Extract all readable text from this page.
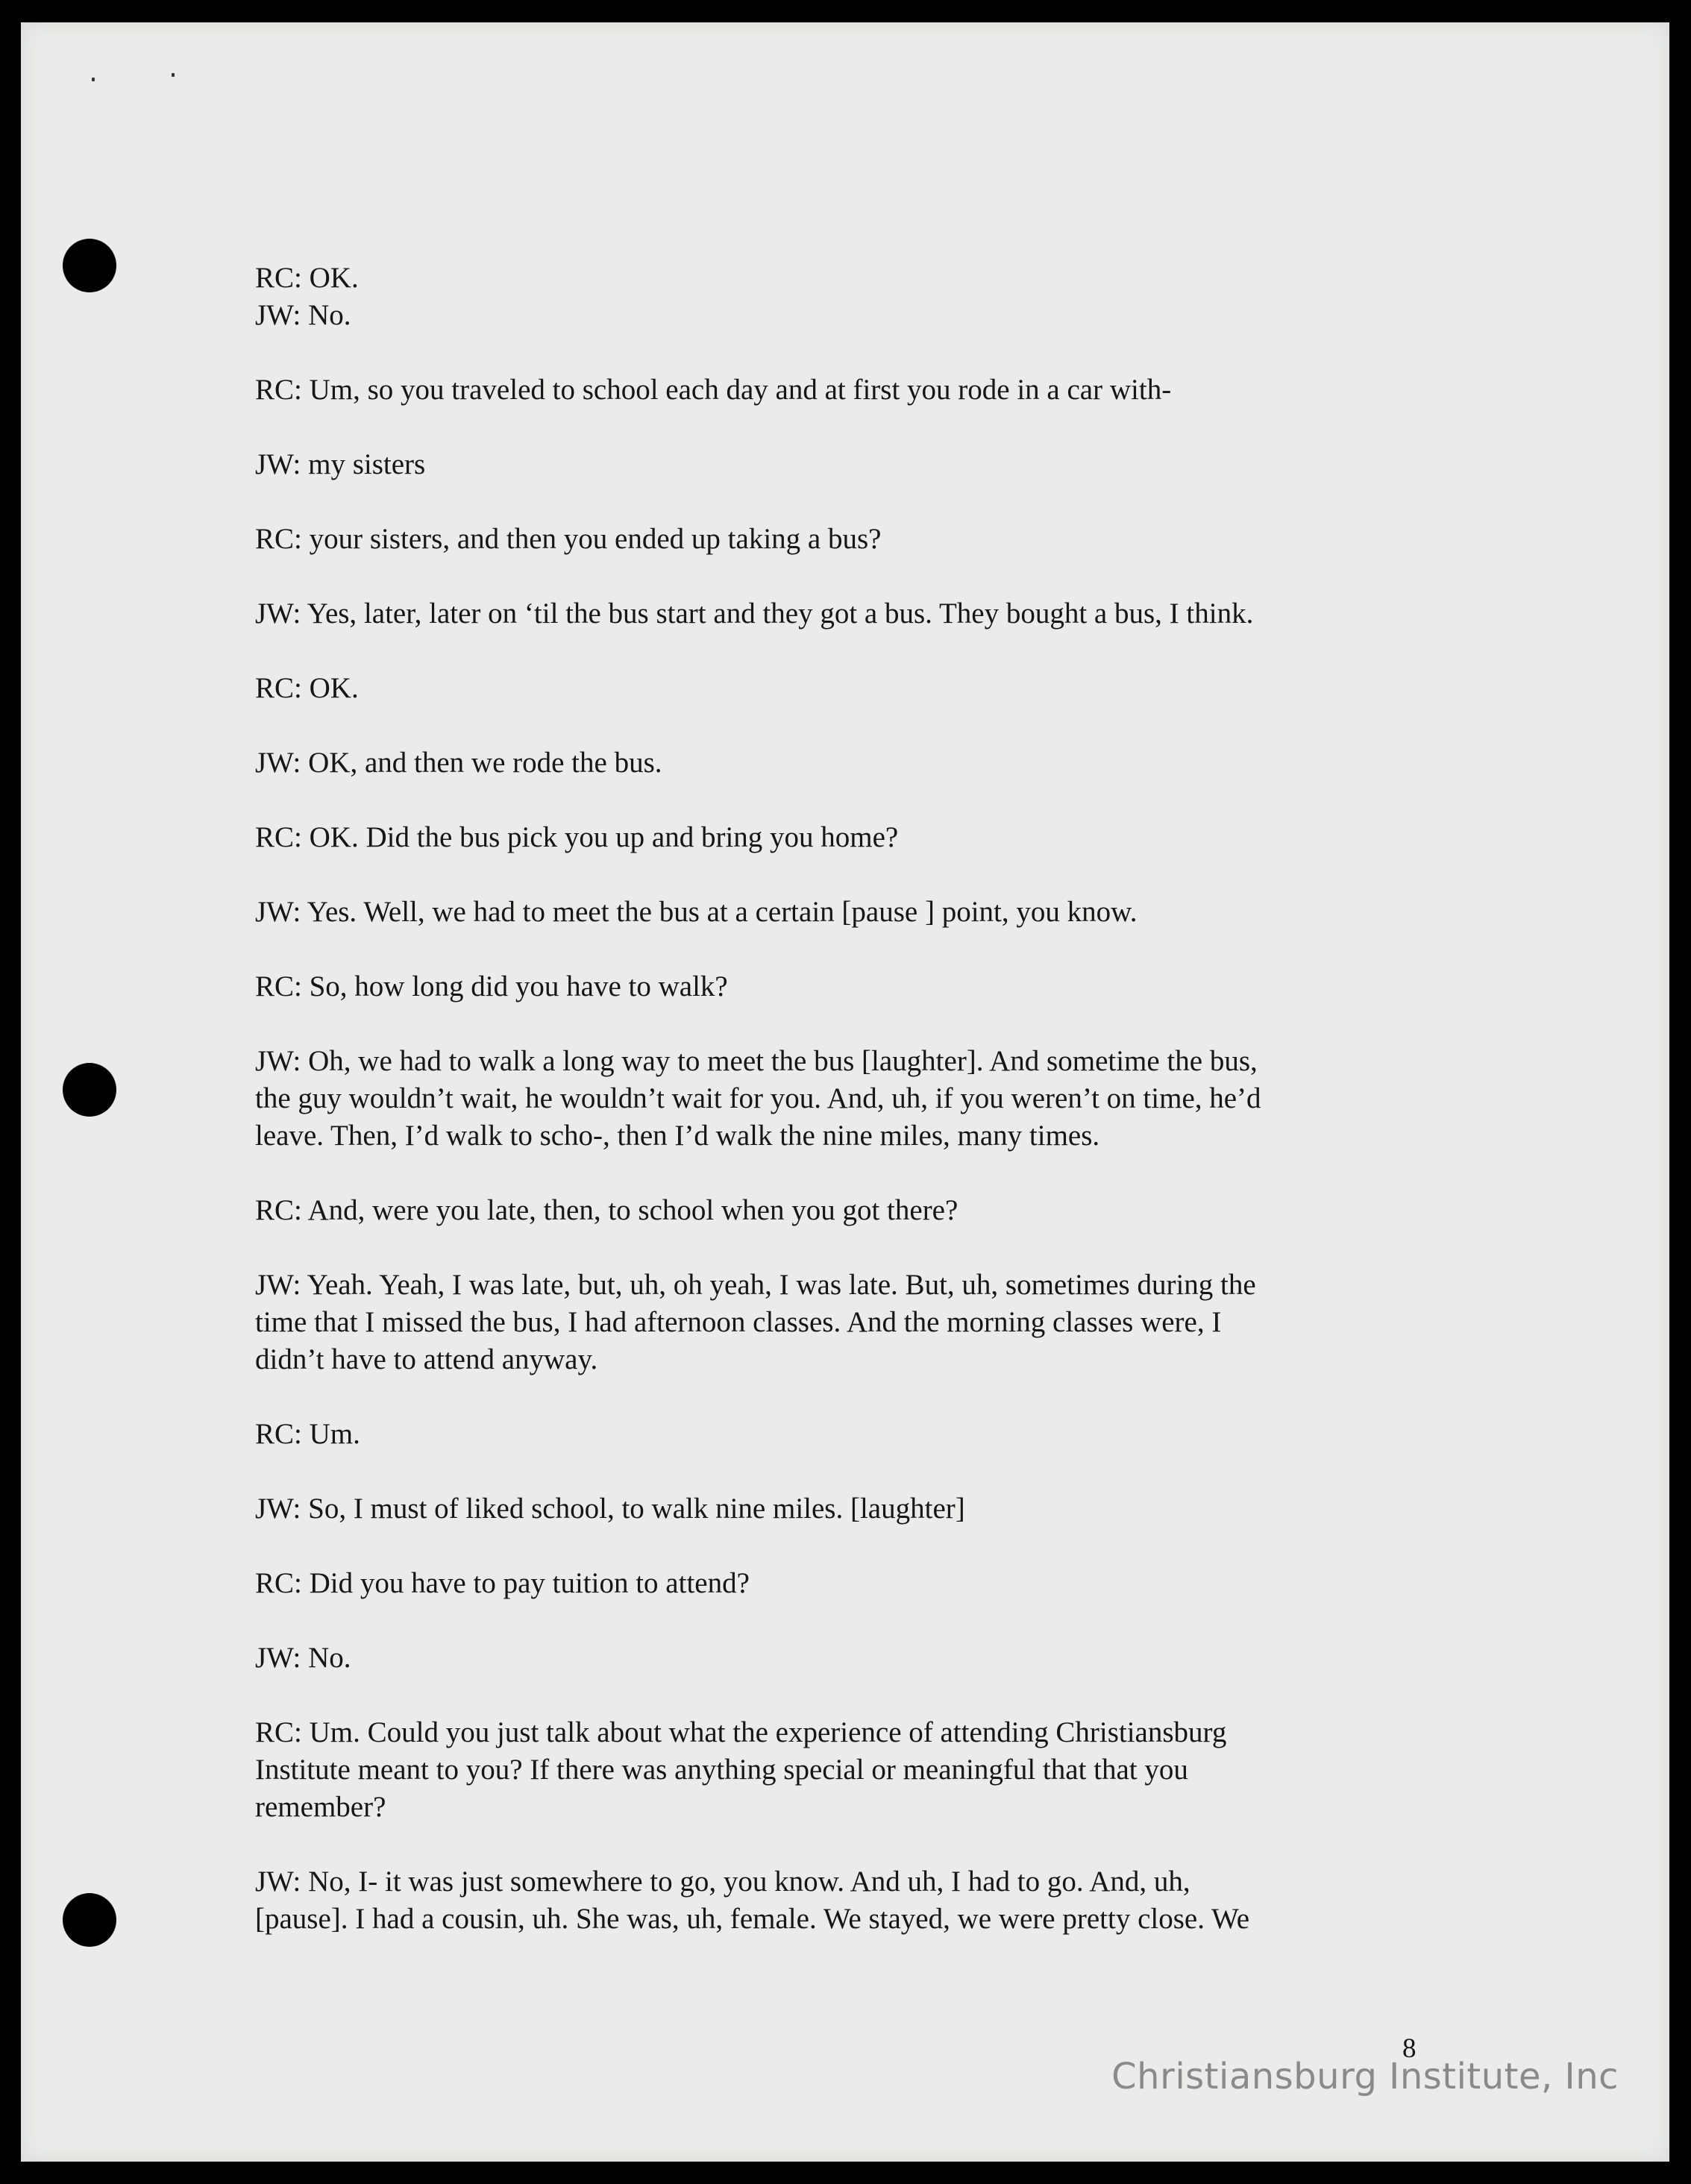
RC: OK.
JW: No.
RC: Um, so you traveled to school each day and at first you rode in a car with-
JW: my sisters
RC: your sisters, and then you ended up taking a bus?
JW: Yes, later, later on ‘til the bus start and they got a bus. They bought a bus, I think.
RC: OK.
JW: OK, and then we rode the bus.
RC: OK. Did the bus pick you up and bring you home?
JW: Yes. Well, we had to meet the bus at a certain [pause ] point, you know.
RC: So, how long did you have to walk?
JW: Oh, we had to walk a long way to meet the bus [laughter]. And sometime the bus,
the guy wouldn’t wait, he wouldn’t wait for you. And, uh, if you weren’t on time, he’d
leave. Then, I’d walk to scho-, then I’d walk the nine miles, many times.
RC: And, were you late, then, to school when you got there?
JW: Yeah. Yeah, I was late, but, uh, oh yeah, I was late. But, uh, sometimes during the
time that I missed the bus, I had afternoon classes. And the morning classes were, I
didn’t have to attend anyway.
RC: Um.
JW: So, I must of liked school, to walk nine miles. [laughter]
RC: Did you have to pay tuition to attend?
JW: No.
RC: Um. Could you just talk about what the experience of attending Christiansburg
Institute meant to you? If there was anything special or meaningful that that you
remember?
JW: No, I- it was just somewhere to go, you know. And uh, I had to go. And, uh,
[pause]. I had a cousin, uh. She was, uh, female. We stayed, we were pretty close. We
8
Christiansburg Institute, Inc
